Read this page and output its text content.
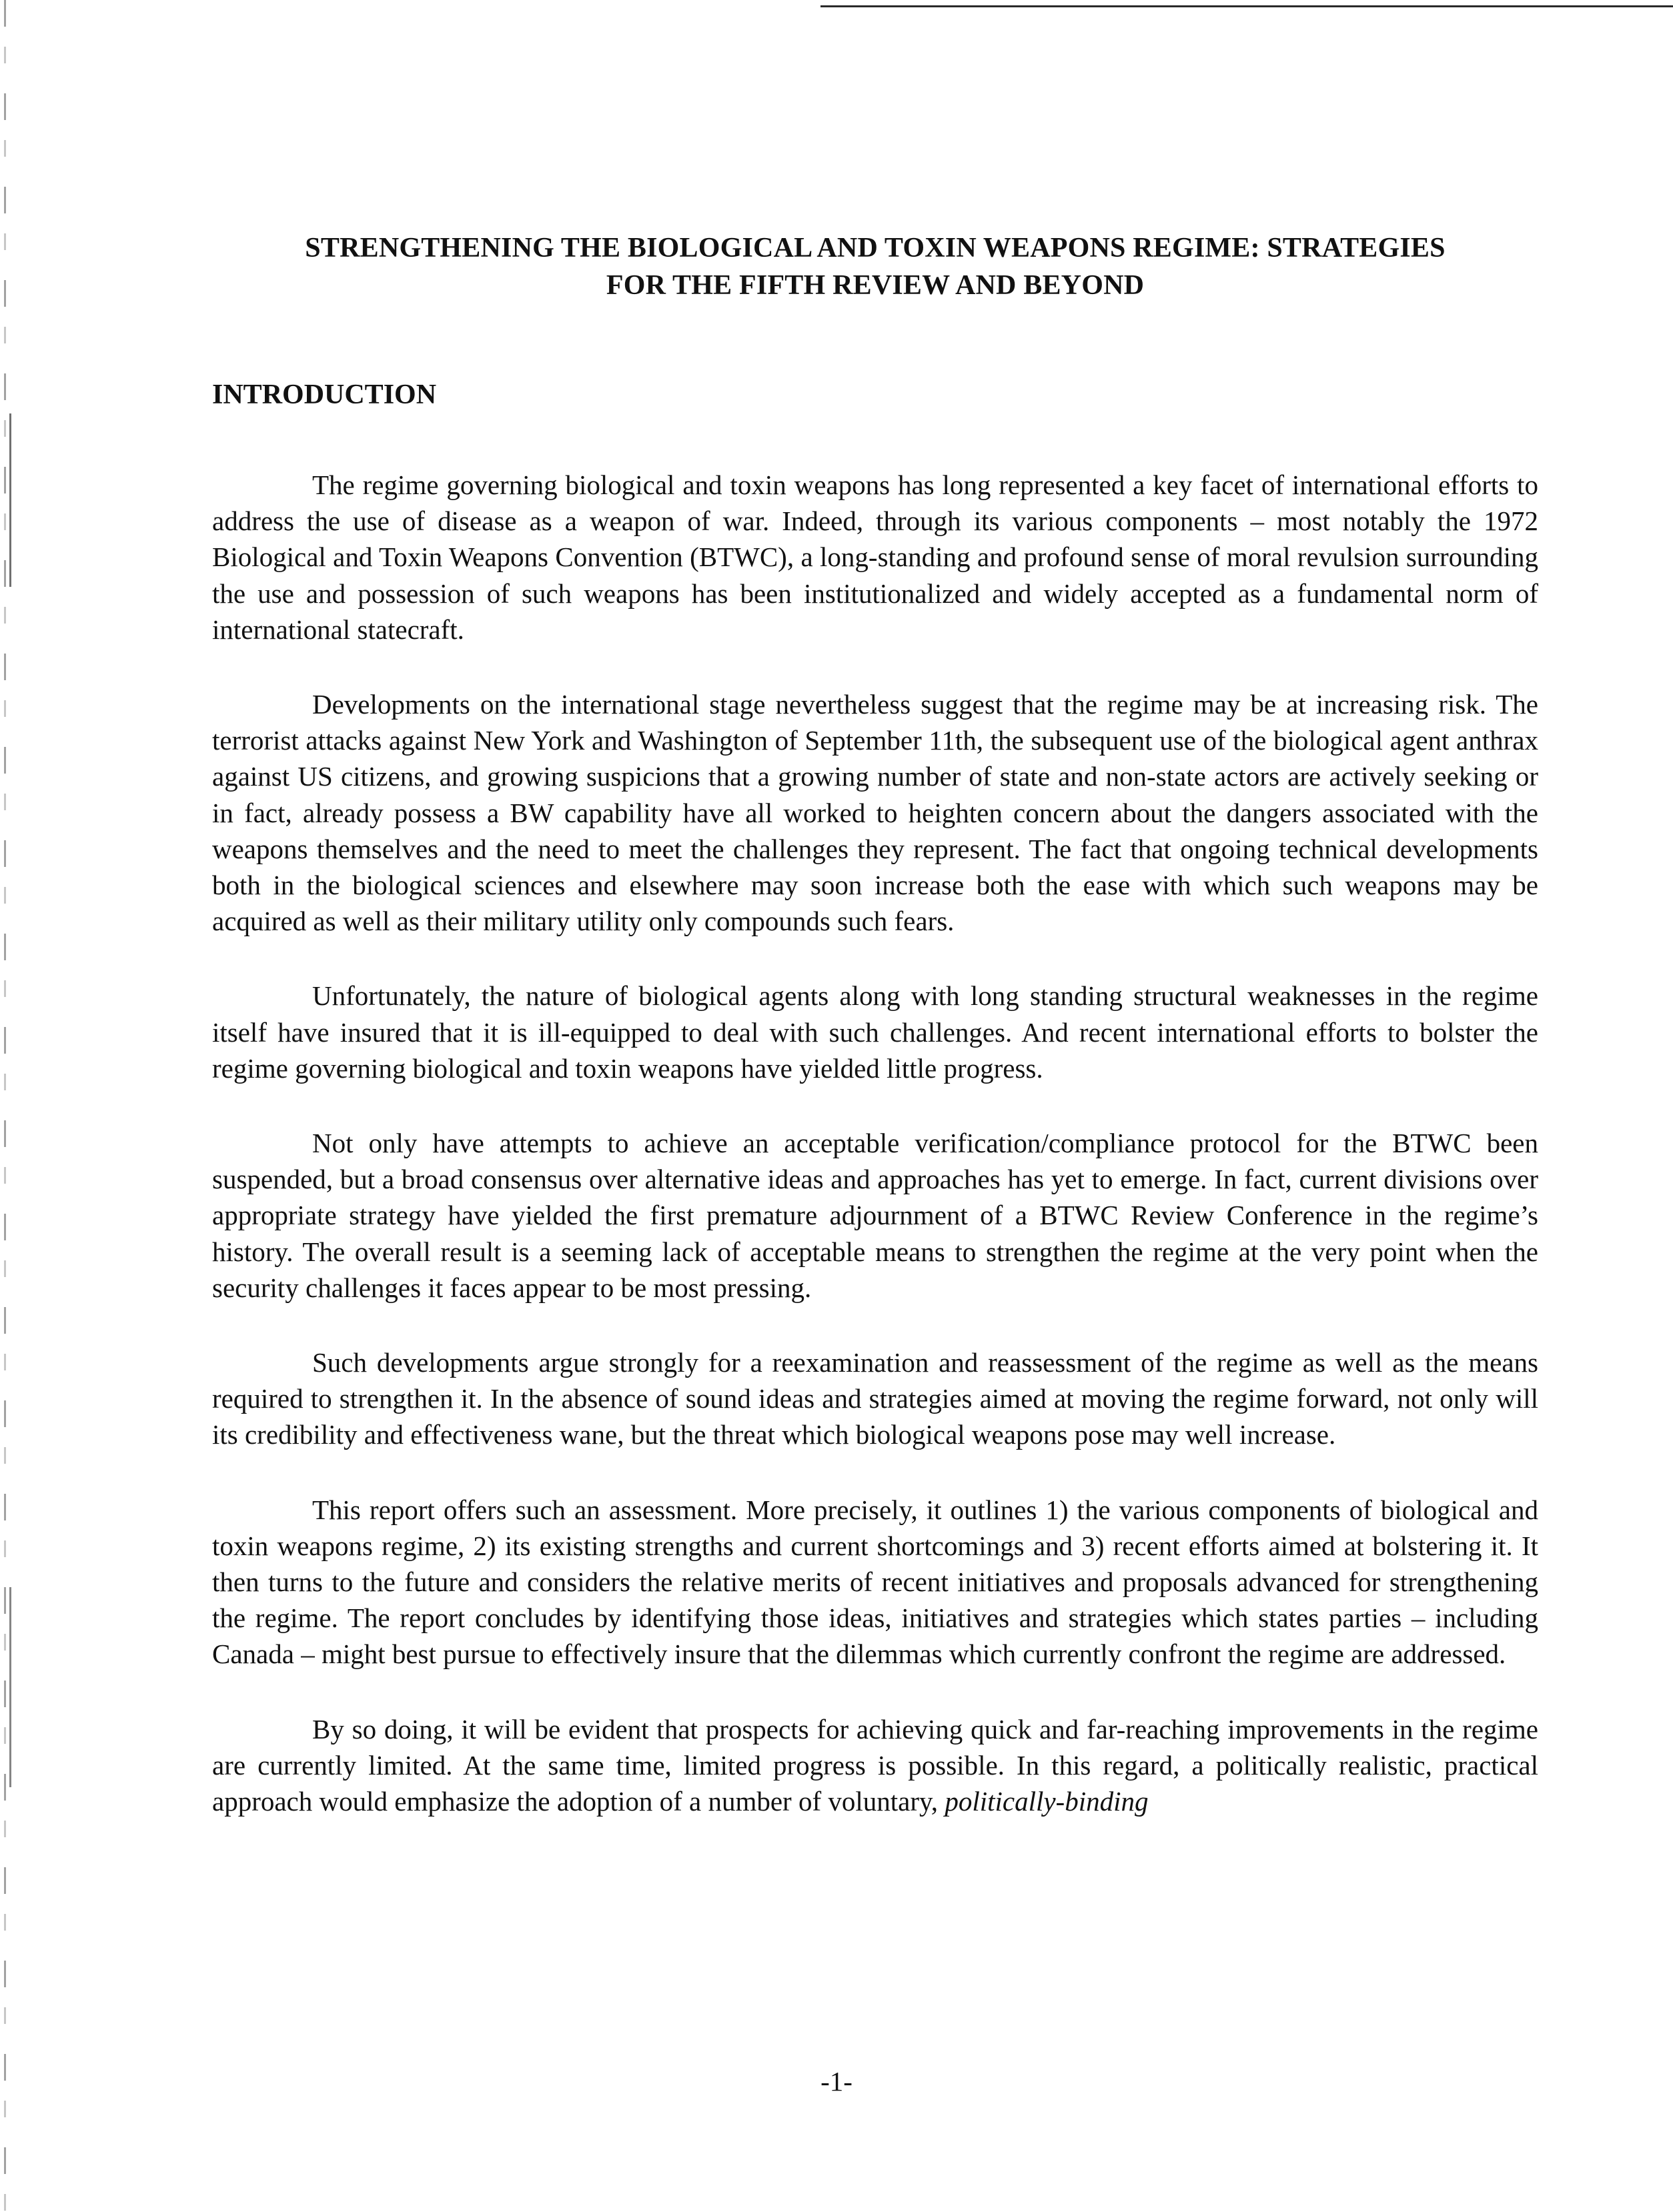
STRENGTHENING THE BIOLOGICAL AND TOXIN WEAPONS REGIME: STRATEGIES
FOR THE FIFTH REVIEW AND BEYOND
INTRODUCTION

The regime governing biological and toxin weapons has long represented a key facet of international efforts to address the use of disease as a weapon of war. Indeed, through its various components – most notably the 1972 Biological and Toxin Weapons Convention (BTWC), a long-standing and profound sense of moral revulsion surrounding the use and possession of such weapons has been institutionalized and widely accepted as a fundamental norm of international statecraft.

Developments on the international stage nevertheless suggest that the regime may be at increasing risk. The terrorist attacks against New York and Washington of September 11th, the subsequent use of the biological agent anthrax against US citizens, and growing suspicions that a growing number of state and non-state actors are actively seeking or in fact, already possess a BW capability have all worked to heighten concern about the dangers associated with the weapons themselves and the need to meet the challenges they represent. The fact that ongoing technical developments both in the biological sciences and elsewhere may soon increase both the ease with which such weapons may be acquired as well as their military utility only compounds such fears.

Unfortunately, the nature of biological agents along with long standing structural weaknesses in the regime itself have insured that it is ill-equipped to deal with such challenges. And recent international efforts to bolster the regime governing biological and toxin weapons have yielded little progress.

Not only have attempts to achieve an acceptable verification/compliance protocol for the BTWC been suspended, but a broad consensus over alternative ideas and approaches has yet to emerge. In fact, current divisions over appropriate strategy have yielded the first premature adjournment of a BTWC Review Conference in the regime’s history. The overall result is a seeming lack of acceptable means to strengthen the regime at the very point when the security challenges it faces appear to be most pressing.

Such developments argue strongly for a reexamination and reassessment of the regime as well as the means required to strengthen it. In the absence of sound ideas and strategies aimed at moving the regime forward, not only will its credibility and effectiveness wane, but the threat which biological weapons pose may well increase.

This report offers such an assessment. More precisely, it outlines 1) the various components of biological and toxin weapons regime, 2) its existing strengths and current shortcomings and 3) recent efforts aimed at bolstering it. It then turns to the future and considers the relative merits of recent initiatives and proposals advanced for strengthening the regime. The report concludes by identifying those ideas, initiatives and strategies which states parties – including Canada – might best pursue to effectively insure that the dilemmas which currently confront the regime are addressed.

By so doing, it will be evident that prospects for achieving quick and far-reaching improvements in the regime are currently limited. At the same time, limited progress is possible. In this regard, a politically realistic, practical approach would emphasize the adoption of a number of voluntary, politically-binding

-1-
